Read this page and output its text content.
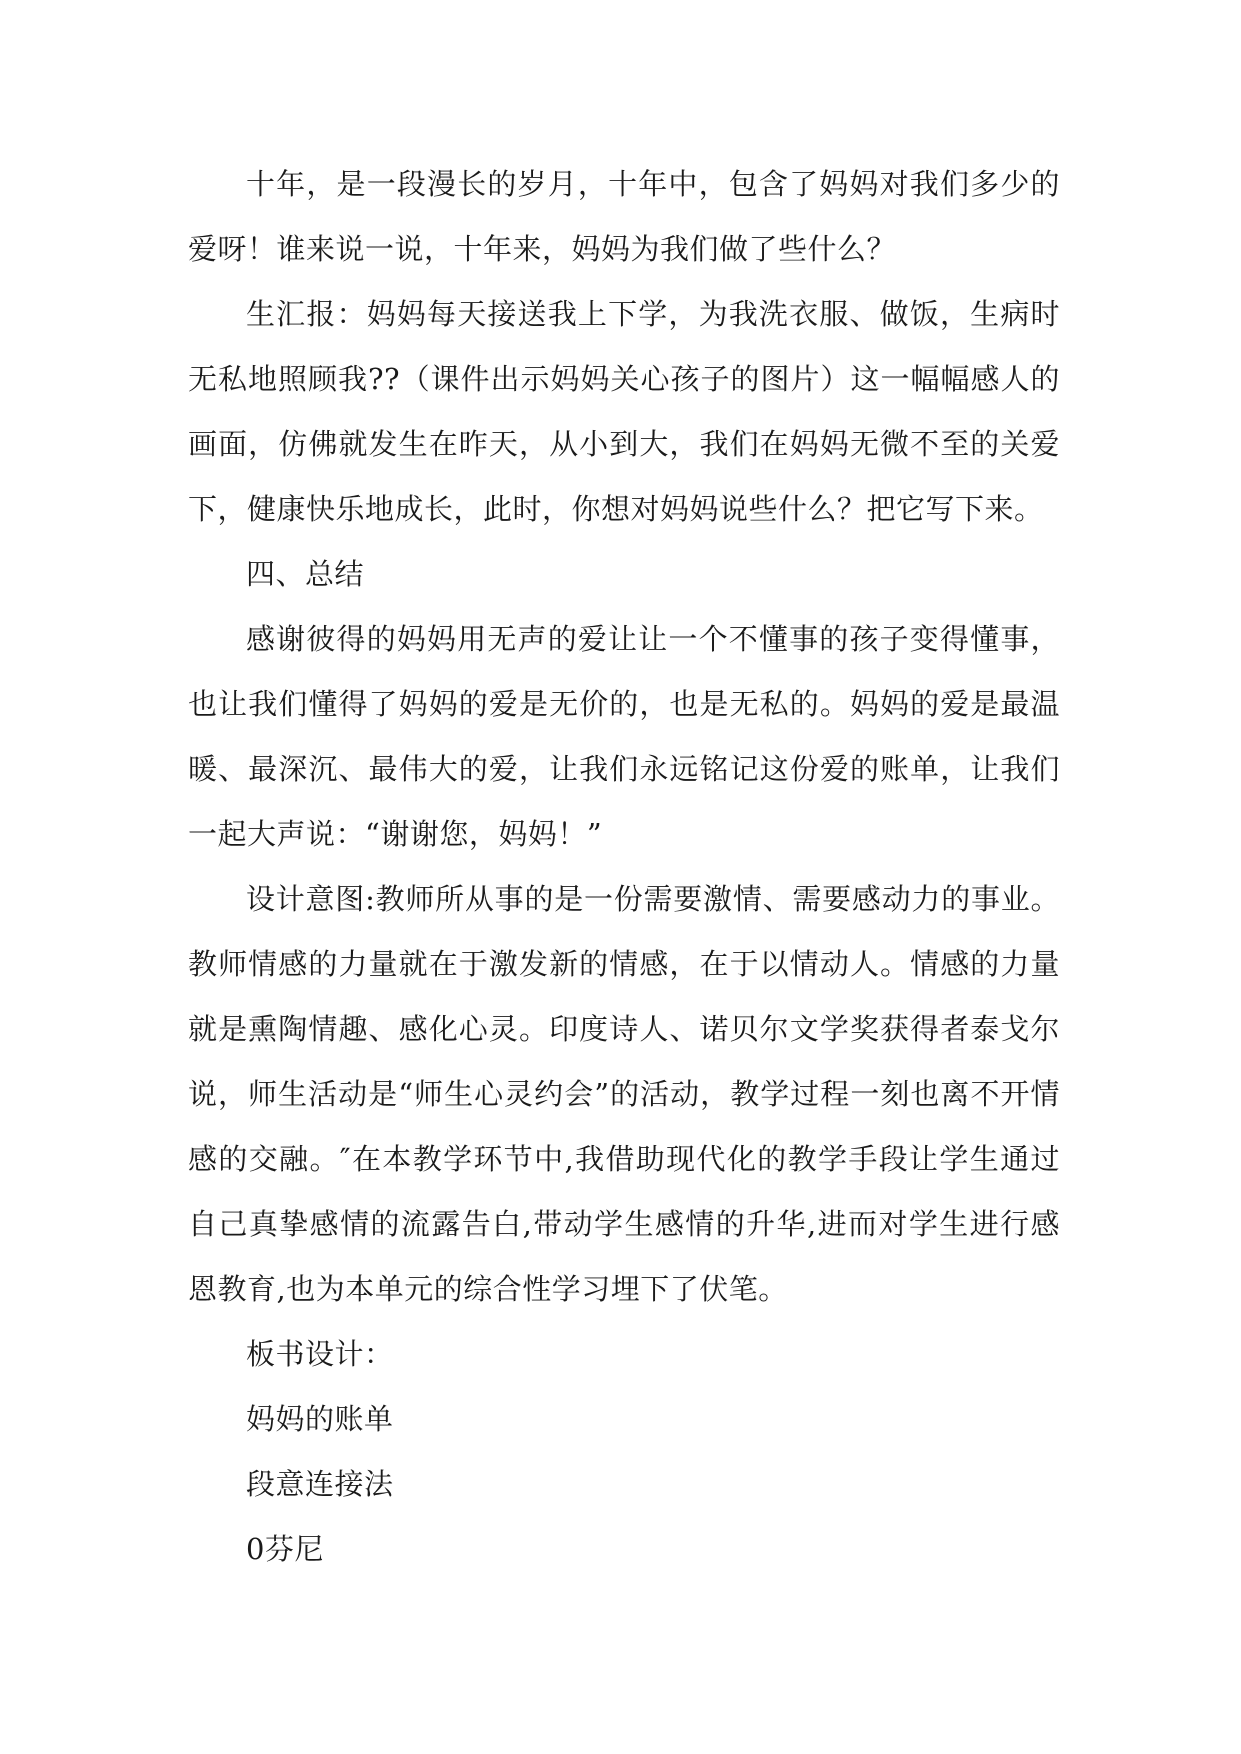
十年，是一段漫长的岁月，十年中，包含了妈妈对我们多少的爱呀！谁来说一说，十年来，妈妈为我们做了些什么？

生汇报：妈妈每天接送我上下学，为我洗衣服、做饭，生病时无私地照顾我??（课件出示妈妈关心孩子的图片）这一幅幅感人的画面，仿佛就发生在昨天，从小到大，我们在妈妈无微不至的关爱下，健康快乐地成长，此时，你想对妈妈说些什么？把它写下来。

四、总结

感谢彼得的妈妈用无声的爱让让一个不懂事的孩子变得懂事，也让我们懂得了妈妈的爱是无价的，也是无私的。妈妈的爱是最温暖、最深沉、最伟大的爱，让我们永远铭记这份爱的账单，让我们一起大声说：“谢谢您，妈妈！”

设计意图:教师所从事的是一份需要激情、需要感动力的事业。教师情感的力量就在于激发新的情感，在于以情动人。情感的力量就是熏陶情趣、感化心灵。印度诗人、诺贝尔文学奖获得者泰戈尔说，师生活动是“师生心灵约会”的活动，教学过程一刻也离不开情感的交融。″在本教学环节中,我借助现代化的教学手段让学生通过自己真挚感情的流露告白,带动学生感情的升华,进而对学生进行感恩教育,也为本单元的综合性学习埋下了伏笔。

板书设计：

妈妈的账单

段意连接法

0芬尼
